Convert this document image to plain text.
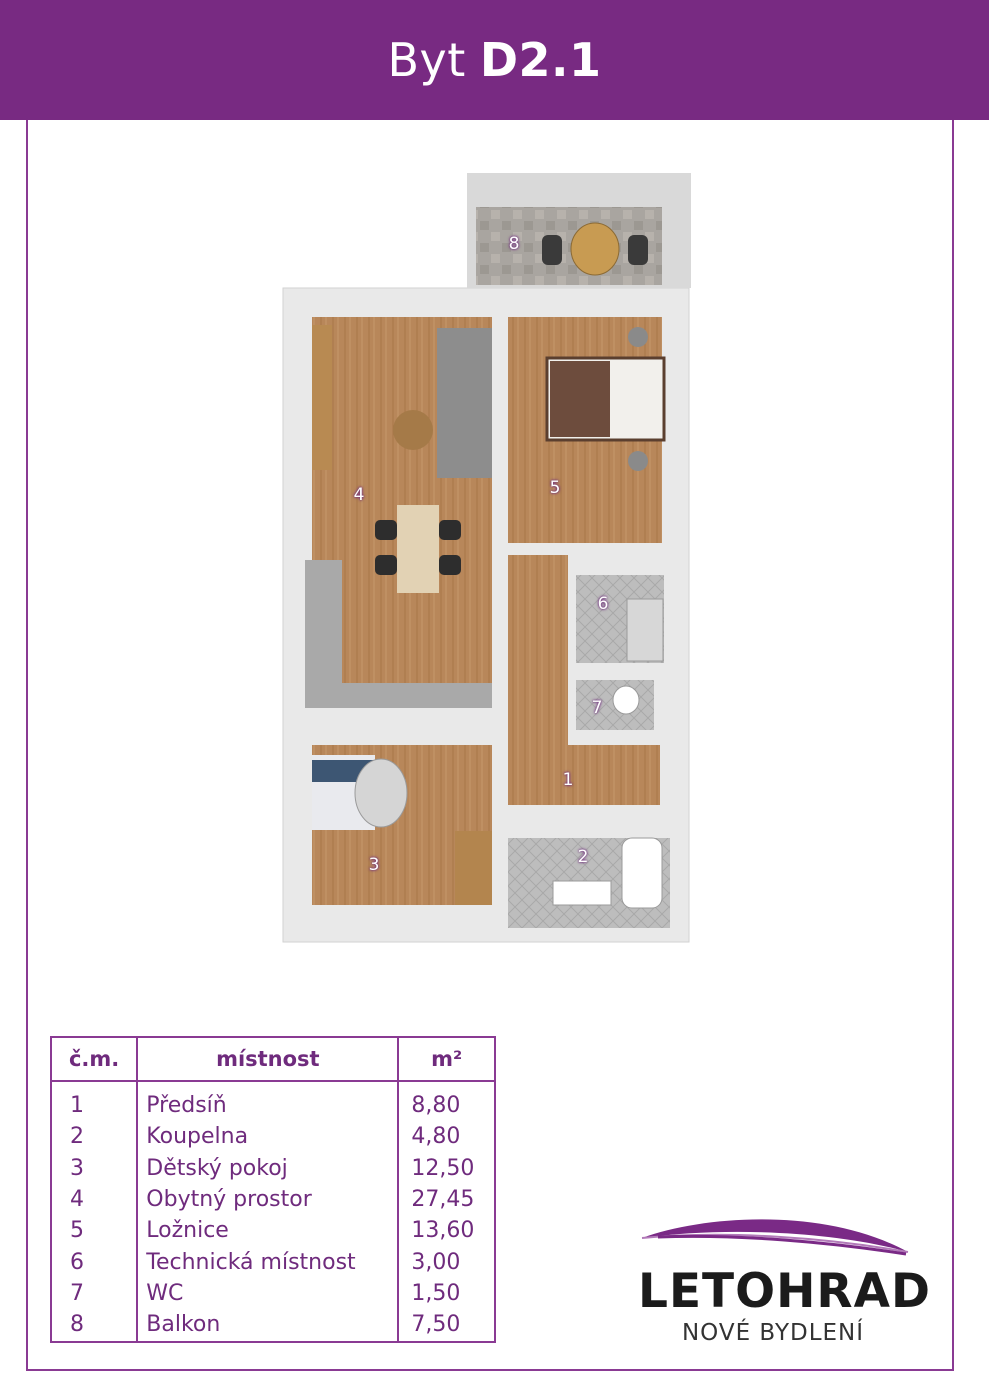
Byt D2.1
4	5
8
6
7
1
2
3
č.m.	místnost	m²
1	Předsíň	8,80
2	Koupelna	4,80
3	Dětský pokoj	12,50
4	Obytný prostor	27,45
5	Ložnice	13,60
6	Technická místnost	3,00
7	WC	1,50
8	Balkon	7,50
LETOHRAD
NOVÉ BYDLENÍ
